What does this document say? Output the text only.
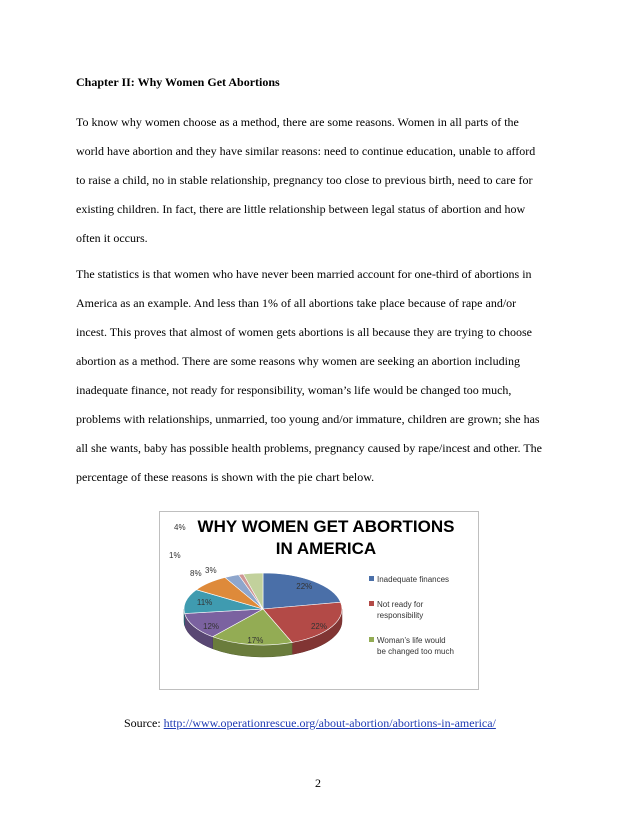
Chapter II: Why Women Get Abortions
To know why women choose as a method, there are some reasons. Women in all parts of the
world have abortion and they have similar reasons: need to continue education, unable to afford
to raise a child, no in stable relationship, pregnancy too close to previous birth, need to care for
existing children. In fact, there are little relationship between legal status of abortion and how
often it occurs.
The statistics is that women who have never been married account for one-third of abortions in
America as an example. And less than 1% of all abortions take place because of rape and/or
incest. This proves that almost of women gets abortions is all because they are trying to choose
abortion as a method. There are some reasons why women are seeking an abortion including
inadequate finance, not ready for responsibility, woman’s life would be changed too much,
problems with relationships, unmarried, too young and/or immature, children are grown; she has
all she wants, baby has possible health problems, pregnancy caused by rape/incest and other. The
percentage of these reasons is shown with the pie chart below.
WHY WOMEN GET ABORTIONS
IN AMERICA
Inadequate finances
Not ready for
responsibility
Woman’s life would
be changed too much
22%
22%
17%
12%
11%
8% 3%
1%
4%
Source: http://www.operationrescue.org/about-abortion/abortions-in-america/
2
